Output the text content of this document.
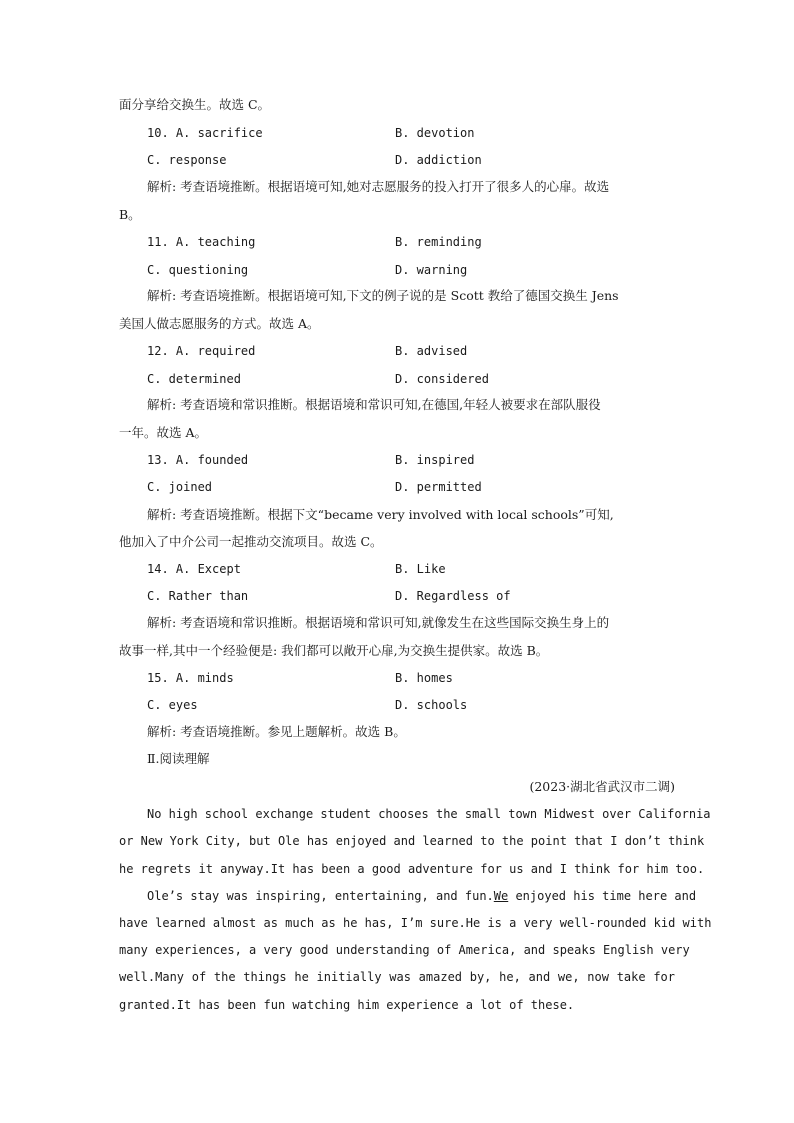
面分享给交换生。故选 C。
10. A. sacrifice	B. devotion
C. response	D. addiction
解析: 考查语境推断。根据语境可知,她对志愿服务的投入打开了很多人的心扉。故选
B。
11. A. teaching	B. reminding
C. questioning	D. warning
解析: 考查语境推断。根据语境可知,下文的例子说的是 Scott 教给了德国交换生 Jens
美国人做志愿服务的方式。故选 A。
12. A. required	B. advised
C. determined	D. considered
解析: 考查语境和常识推断。根据语境和常识可知,在德国,年轻人被要求在部队服役
一年。故选 A。
13. A. founded	B. inspired
C. joined	D. permitted
解析: 考查语境推断。根据下文“became very involved with local schools”可知,
他加入了中介公司一起推动交流项目。故选 C。
14. A. Except	B. Like
C. Rather than	D. Regardless of
解析: 考查语境和常识推断。根据语境和常识可知,就像发生在这些国际交换生身上的
故事一样,其中一个经验便是: 我们都可以敞开心扉,为交换生提供家。故选 B。
15. A. minds	B. homes
C. eyes	D. schools
解析: 考查语境推断。参见上题解析。故选 B。
Ⅱ.阅读理解
(2023·湖北省武汉市二调)
No high school exchange student chooses the small town Midwest over California
or New York City, but Ole has enjoyed and learned to the point that I don’t think
he regrets it anyway.It has been a good adventure for us and I think for him too.
Ole’s stay was inspiring, entertaining, and fun.We enjoyed his time here and
have learned almost as much as he has, I’m sure.He is a very well-rounded kid with
many experiences, a very good understanding of America, and speaks English very
well.Many of the things he initially was amazed by, he, and we, now take for
granted.It has been fun watching him experience a lot of these.
